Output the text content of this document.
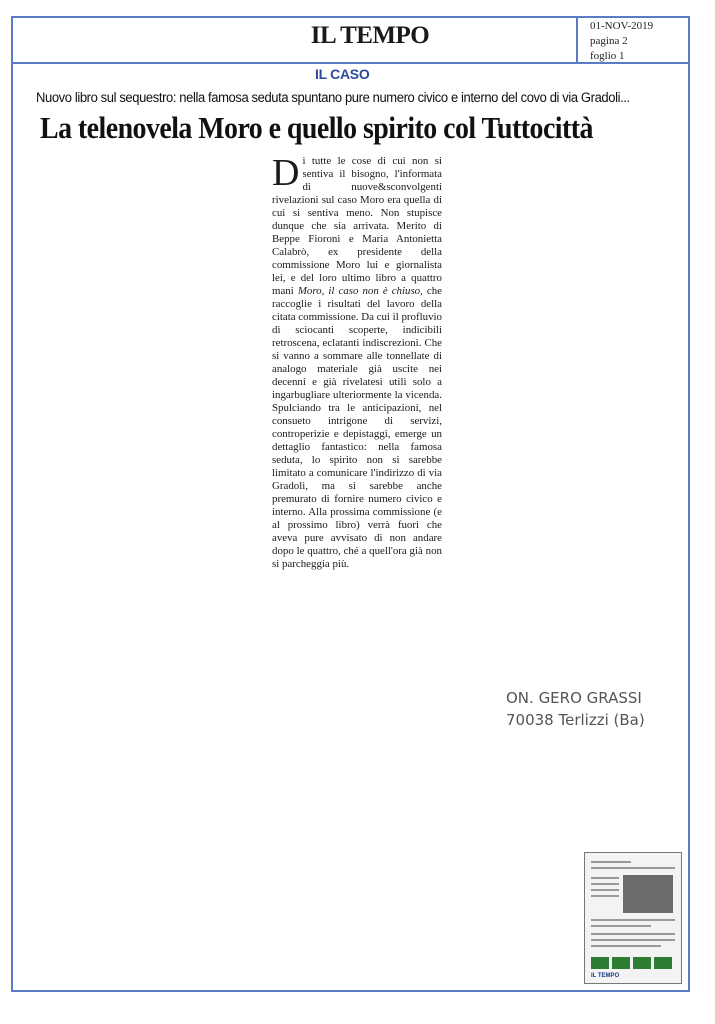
IL TEMPO	01-NOV-2019
pagina 2
foglio 1
IL CASO
Nuovo libro sul sequestro: nella famosa seduta spuntano pure numero civico e interno del covo di via Gradoli...
La telenovela Moro e quello spirito col Tuttocittà

Di tutte le cose di cui non si sentiva il bisogno, l'informata di nuove&sconvolgenti rivelazioni sul caso Moro era quella di cui si sentiva meno. Non stupisce dunque che sia arrivata. Merito di Beppe Fioroni e Maria Antonietta Calabrò, ex presidente della commissione Moro lui e giornalista lei, e del loro ultimo libro a quattro mani Moro, il caso non è chiuso, che raccoglie i risultati del lavoro della citata commissione. Da cui il profluvio di sciocanti scoperte, indicibili retroscena, eclatanti indiscrezioni. Che si vanno a sommare alle tonnellate di analogo materiale già uscite nei decenni e già rivelatesi utili solo a ingarbugliare ulteriormente la vicenda. Spulciando tra le anticipazioni, nel consueto intrigone di servizi, controperizie e depistaggi, emerge un dettaglio fantastico: nella famosa seduta, lo spirito non si sarebbe limitato a comunicare l'indirizzo di via Gradoli, ma si sarebbe anche premurato di fornire numero civico e interno. Alla prossima commissione (e al prossimo libro) verrà fuori che aveva pure avvisato di non andare dopo le quattro, ché a quell'ora già non si parcheggia più.

ON. GERO GRASSI
70038 Terlizzi (Ba)
IL TEMPO
